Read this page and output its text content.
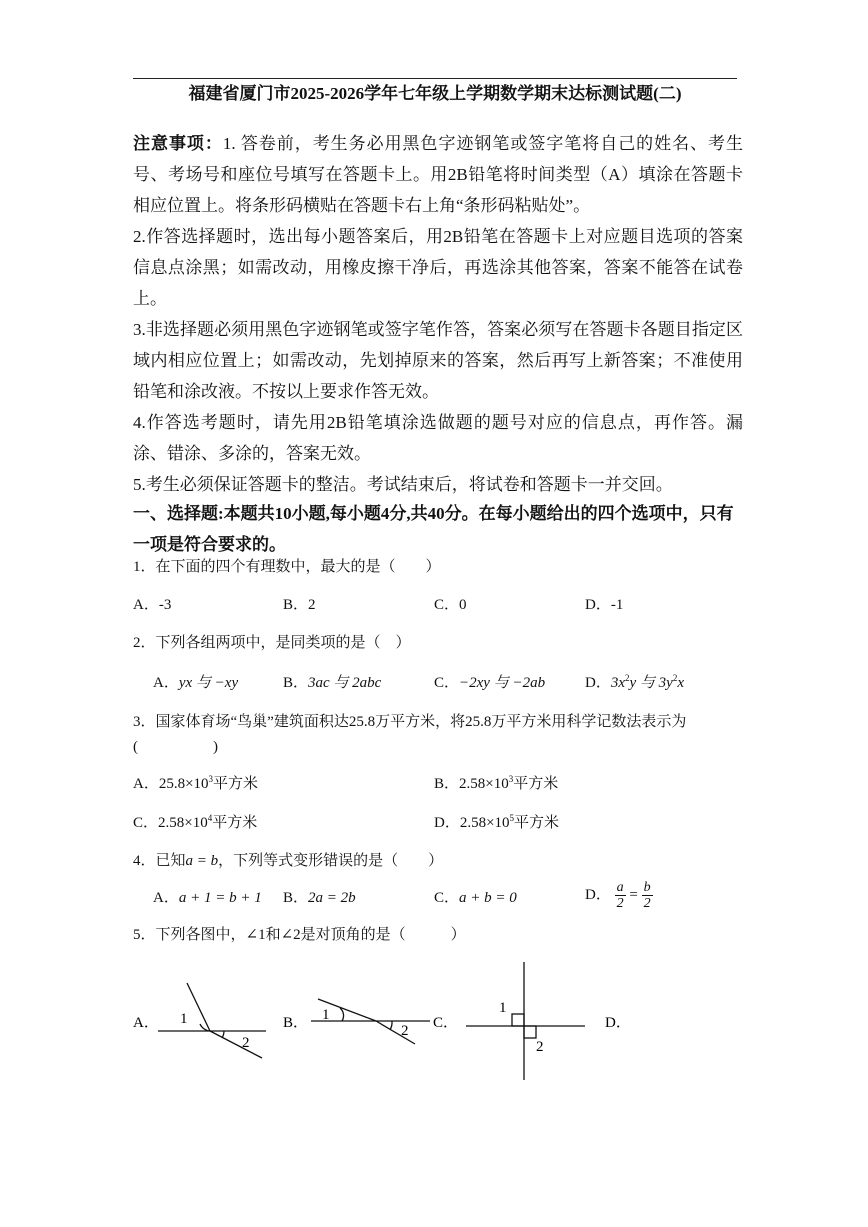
福建省厦门市2025-2026学年七年级上学期数学期末达标测试题(二)

注意事项：1. 答卷前，考生务必用黑色字迹钢笔或签字笔将自己的姓名、考生号、考场号和座位号填写在答题卡上。用2B铅笔将时间类型（A）填涂在答题卡相应位置上。将条形码横贴在答题卡右上角“条形码粘贴处”。

2.作答选择题时，选出每小题答案后，用2B铅笔在答题卡上对应题目选项的答案信息点涂黑；如需改动，用橡皮擦干净后，再选涂其他答案，答案不能答在试卷上。

3.非选择题必须用黑色字迹钢笔或签字笔作答，答案必须写在答题卡各题目指定区域内相应位置上；如需改动，先划掉原来的答案，然后再写上新答案；不准使用铅笔和涂改液。不按以上要求作答无效。

4.作答选考题时，请先用2B铅笔填涂选做题的题号对应的信息点，再作答。漏涂、错涂、多涂的，答案无效。

5.考生必须保证答题卡的整洁。考试结束后，将试卷和答题卡一并交回。

一、选择题:本题共10小题,每小题4分,共40分。在每小题给出的四个选项中，只有一项是符合要求的。
1．在下面的四个有理数中，最大的是（　　）
A．-3	B．2	C．0	D．-1
2．下列各组两项中，是同类项的是（　）
A．yx 与 −xy	B．3ac 与 2abc	C．−2xy 与 −2ab	D．$3x^2y$ 与 $3y^2x$
3．国家体育场“鸟巢”建筑面积达25.8万平方米，将25.8万平方米用科学记数法表示为
(　　　　　)
A．$25.8\times 10^3$平方米	B．$2.58\times 10^3$平方米
C．$2.58\times 10^4$平方米	D．$2.58\times 10^5$平方米
4．已知a = b，下列等式变形错误的是（　　）
A．a + 1 = b + 1 B．2a = 2b	C．a + b = 0	D． $\frac{a}{2} = \frac{b}{2}$
5．下列各图中，∠1和∠2是对顶角的是（　　　）
A．	B．	C．	D．
1
2
1
2
1
2
